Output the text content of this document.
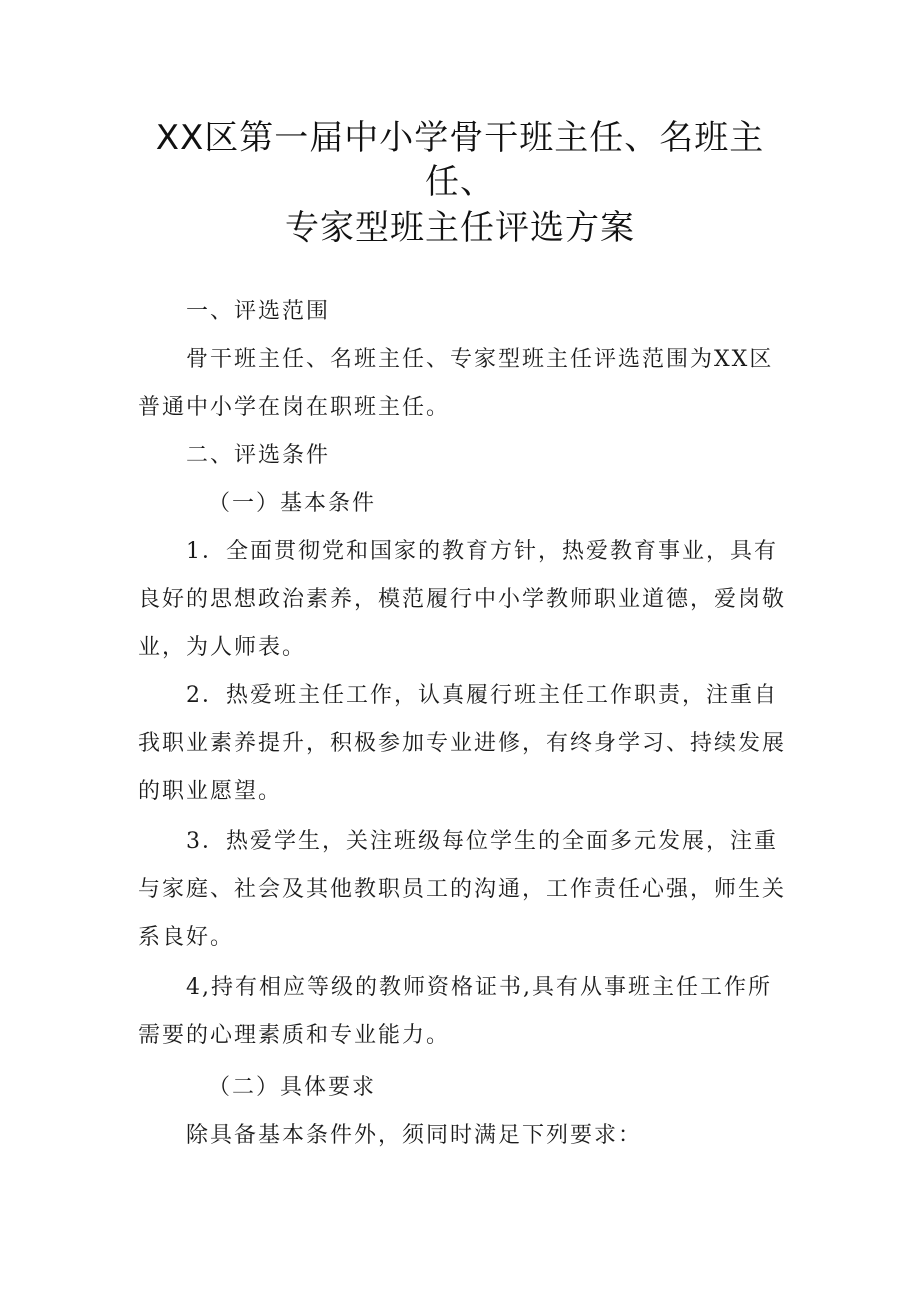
XX区第一届中小学骨干班主任、名班主
任、
专家型班主任评选方案
一、评选范围
骨干班主任、名班主任、专家型班主任评选范围为XX区普通中小学在岗在职班主任。
二、评选条件
（一）基本条件
1．全面贯彻党和国家的教育方针，热爱教育事业，具有良好的思想政治素养，模范履行中小学教师职业道德，爱岗敬业，为人师表。
2．热爱班主任工作，认真履行班主任工作职责，注重自我职业素养提升，积极参加专业进修，有终身学习、持续发展的职业愿望。
3．热爱学生，关注班级每位学生的全面多元发展，注重与家庭、社会及其他教职员工的沟通，工作责任心强，师生关系良好。
4,持有相应等级的教师资格证书,具有从事班主任工作所需要的心理素质和专业能力。
（二）具体要求
除具备基本条件外，须同时满足下列要求：
